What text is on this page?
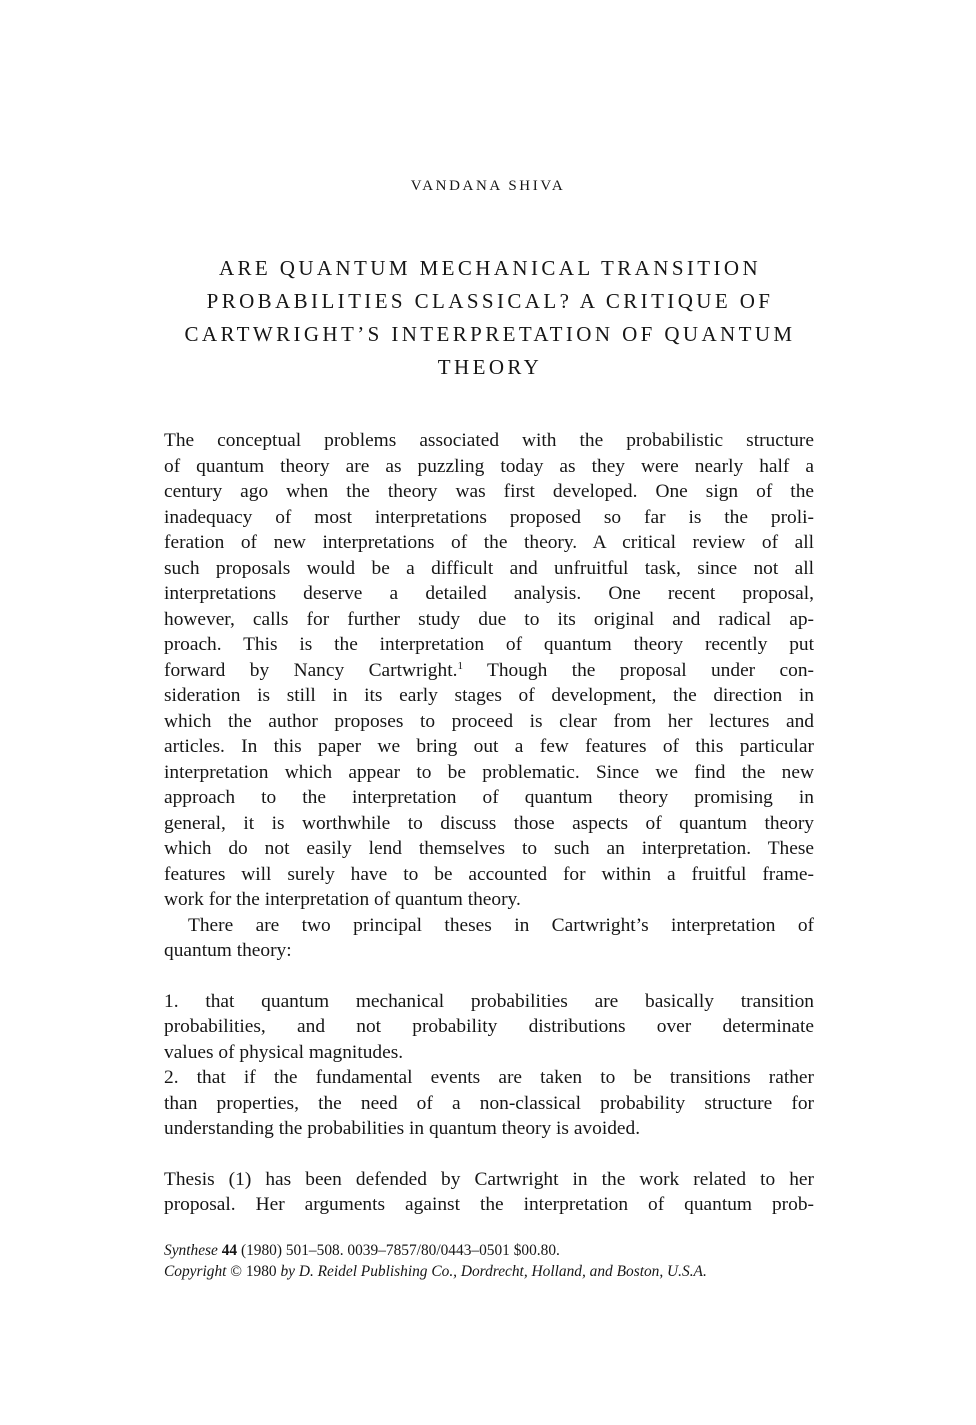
VANDANA SHIVA
ARE QUANTUM MECHANICAL TRANSITION
PROBABILITIES CLASSICAL? A CRITIQUE OF
CARTWRIGHT’S INTERPRETATION OF QUANTUM
THEORY
The conceptual problems associated with the probabilistic structure
of quantum theory are as puzzling today as they were nearly half a
century ago when the theory was first developed. One sign of the
inadequacy of most interpretations proposed so far is the proli-
feration of new interpretations of the theory. A critical review of all
such proposals would be a difficult and unfruitful task, since not all
interpretations deserve a detailed analysis. One recent proposal,
however, calls for further study due to its original and radical ap-
proach. This is the interpretation of quantum theory recently put
forward by Nancy Cartwright.$^1$ Though the proposal under con-
sideration is still in its early stages of development, the direction in
which the author proposes to proceed is clear from her lectures and
articles. In this paper we bring out a few features of this particular
interpretation which appear to be problematic. Since we find the new
approach to the interpretation of quantum theory promising in
general, it is worthwhile to discuss those aspects of quantum theory
which do not easily lend themselves to such an interpretation. These
features will surely have to be accounted for within a fruitful frame-
work for the interpretation of quantum theory.
There are two principal theses in Cartwright’s interpretation of
quantum theory:
1. that quantum mechanical probabilities are basically transition
probabilities, and not probability distributions over determinate
values of physical magnitudes.
2. that if the fundamental events are taken to be transitions rather
than properties, the need of a non-classical probability structure for
understanding the probabilities in quantum theory is avoided.
Thesis (1) has been defended by Cartwright in the work related to her
proposal. Her arguments against the interpretation of quantum prob-
Synthese 44 (1980) 501–508. 0039–7857/80/0443–0501 $00.80.
Copyright © 1980 by D. Reidel Publishing Co., Dordrecht, Holland, and Boston, U.S.A.
